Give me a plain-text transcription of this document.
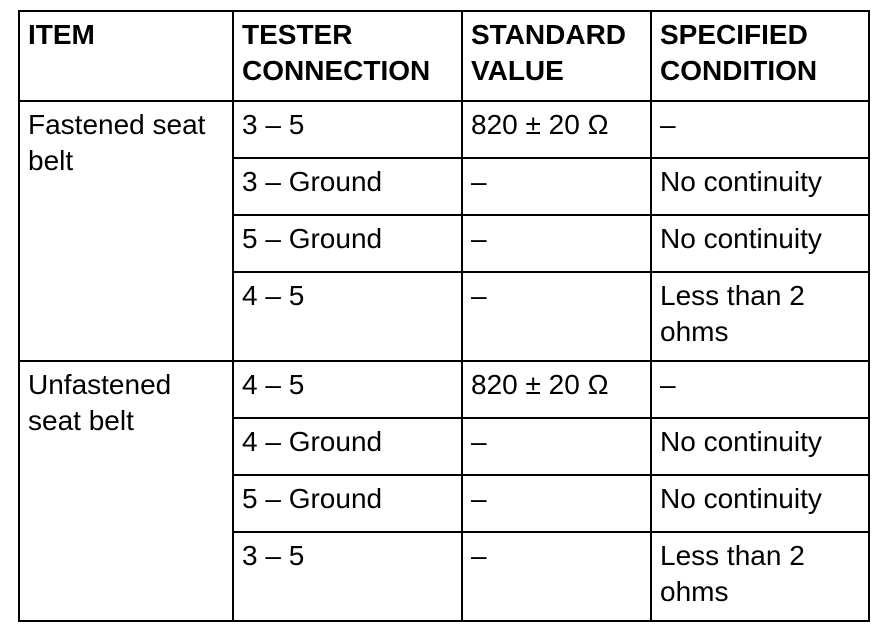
ITEM	TESTER CONNECTION	STANDARD VALUE	SPECIFIED CONDITION
Fastened seat belt	3 – 5	820 ± 20 Ω	–
	3 – Ground	–	No continuity
	5 – Ground	–	No continuity
	4 – 5	–	Less than 2 ohms
Unfastened seat belt	4 – 5	820 ± 20 Ω	–
	4 – Ground	–	No continuity
	5 – Ground	–	No continuity
	3 – 5	–	Less than 2 ohms
